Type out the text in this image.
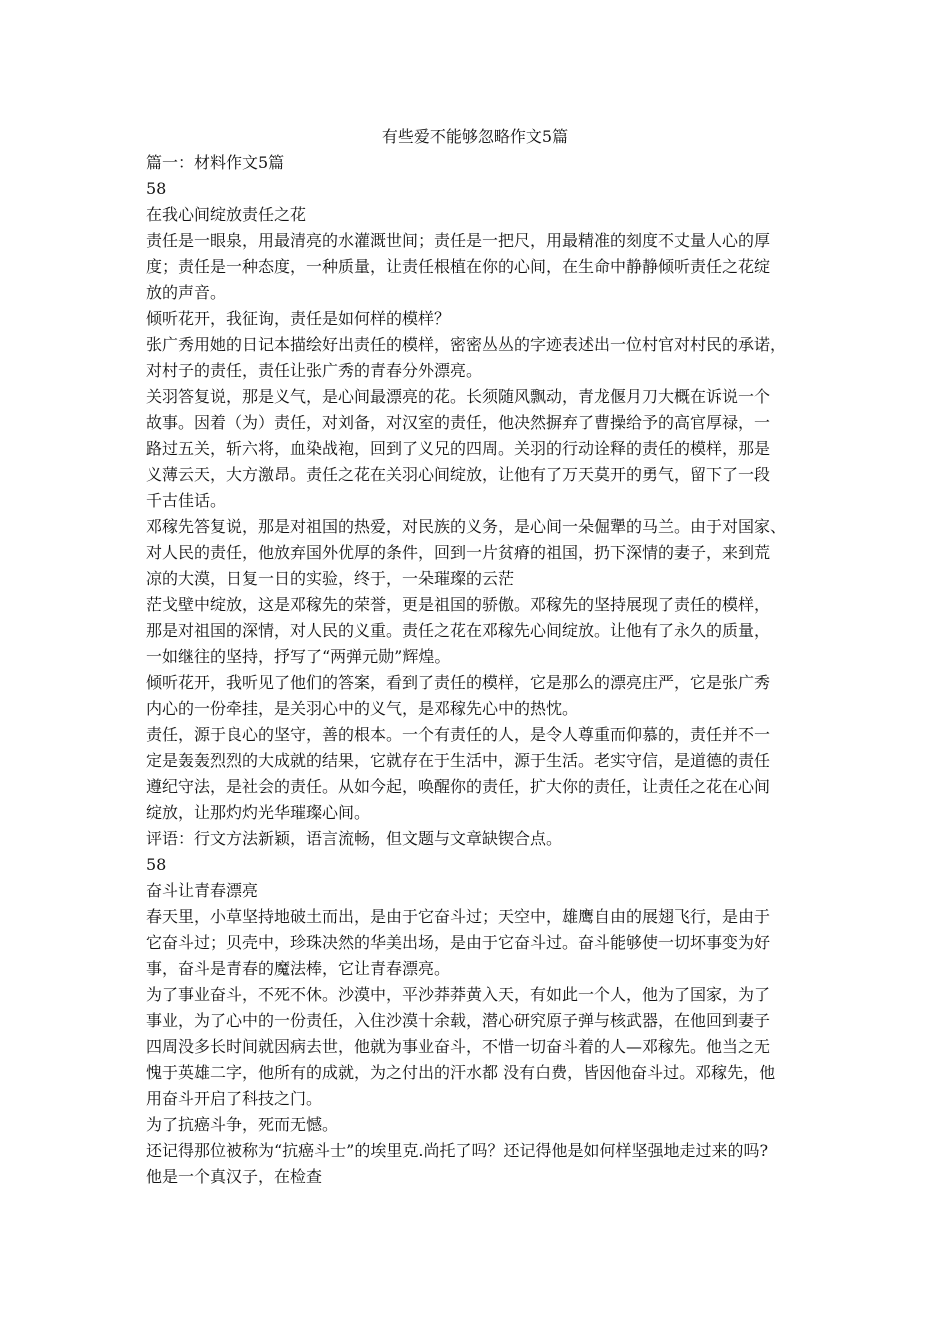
有些爱不能够忽略作文5篇
篇一：材料作文5篇
58
在我心间绽放责任之花
责任是一眼泉，用最清亮的水灌溉世间；责任是一把尺，用最精准的刻度不丈量人心的厚
度；责任是一种态度，一种质量，让责任根植在你的心间，在生命中静静倾听责任之花绽
放的声音。
倾听花开，我征询，责任是如何样的模样？
张广秀用她的日记本描绘好出责任的模样，密密丛丛的字迹表述出一位村官对村民的承诺，
对村子的责任，责任让张广秀的青春分外漂亮。
关羽答复说，那是义气，是心间最漂亮的花。长须随风飘动，青龙偃月刀大概在诉说一个
故事。因着（为）责任，对刘备，对汉室的责任，他决然摒弃了曹操给予的高官厚禄，一
路过五关，斩六将，血染战袍，回到了义兄的四周。关羽的行动诠释的责任的模样，那是
义薄云天，大方激昂。责任之花在关羽心间绽放，让他有了万天莫开的勇气，留下了一段
千古佳话。
邓稼先答复说，那是对祖国的热爱，对民族的义务，是心间一朵倔犟的马兰。由于对国家、
对人民的责任，他放弃国外优厚的条件，回到一片贫瘠的祖国，扔下深情的妻子，来到荒
凉的大漠，日复一日的实验，终于，一朵璀璨的云茫
茫戈壁中绽放，这是邓稼先的荣誉，更是祖国的骄傲。邓稼先的坚持展现了责任的模样，
那是对祖国的深情，对人民的义重。责任之花在邓稼先心间绽放。让他有了永久的质量，
一如继往的坚持，抒写了“两弹元勋”辉煌。
倾听花开，我听见了他们的答案，看到了责任的模样，它是那么的漂亮庄严，它是张广秀
内心的一份牵挂，是关羽心中的义气，是邓稼先心中的热忱。
责任，源于良心的坚守，善的根本。一个有责任的人，是令人尊重而仰慕的，责任并不一
定是轰轰烈烈的大成就的结果，它就存在于生活中，源于生活。老实守信，是道德的责任
遵纪守法，是社会的责任。从如今起，唤醒你的责任，扩大你的责任，让责任之花在心间
绽放，让那灼灼光华璀璨心间。
评语：行文方法新颖，语言流畅，但文题与文章缺锲合点。
58
奋斗让青春漂亮
春天里，小草坚持地破土而出，是由于它奋斗过；天空中，雄鹰自由的展翅飞行，是由于
它奋斗过；贝壳中，珍珠决然的华美出场，是由于它奋斗过。奋斗能够使一切坏事变为好
事，奋斗是青春的魔法棒，它让青春漂亮。
为了事业奋斗，不死不休。沙漠中，平沙莽莽黄入天，有如此一个人，他为了国家，为了
事业，为了心中的一份责任，入住沙漠十余载，潜心研究原子弹与核武器，在他回到妻子
四周没多长时间就因病去世，他就为事业奋斗，不惜一切奋斗着的人—邓稼先。他当之无
愧于英雄二字，他所有的成就，为之付出的汗水都 没有白费，皆因他奋斗过。邓稼先，他
用奋斗开启了科技之门。
为了抗癌斗争，死而无憾。
还记得那位被称为“抗癌斗士”的埃里克.尚托了吗？还记得他是如何样坚强地走过来的吗?
他是一个真汉子，在检查
